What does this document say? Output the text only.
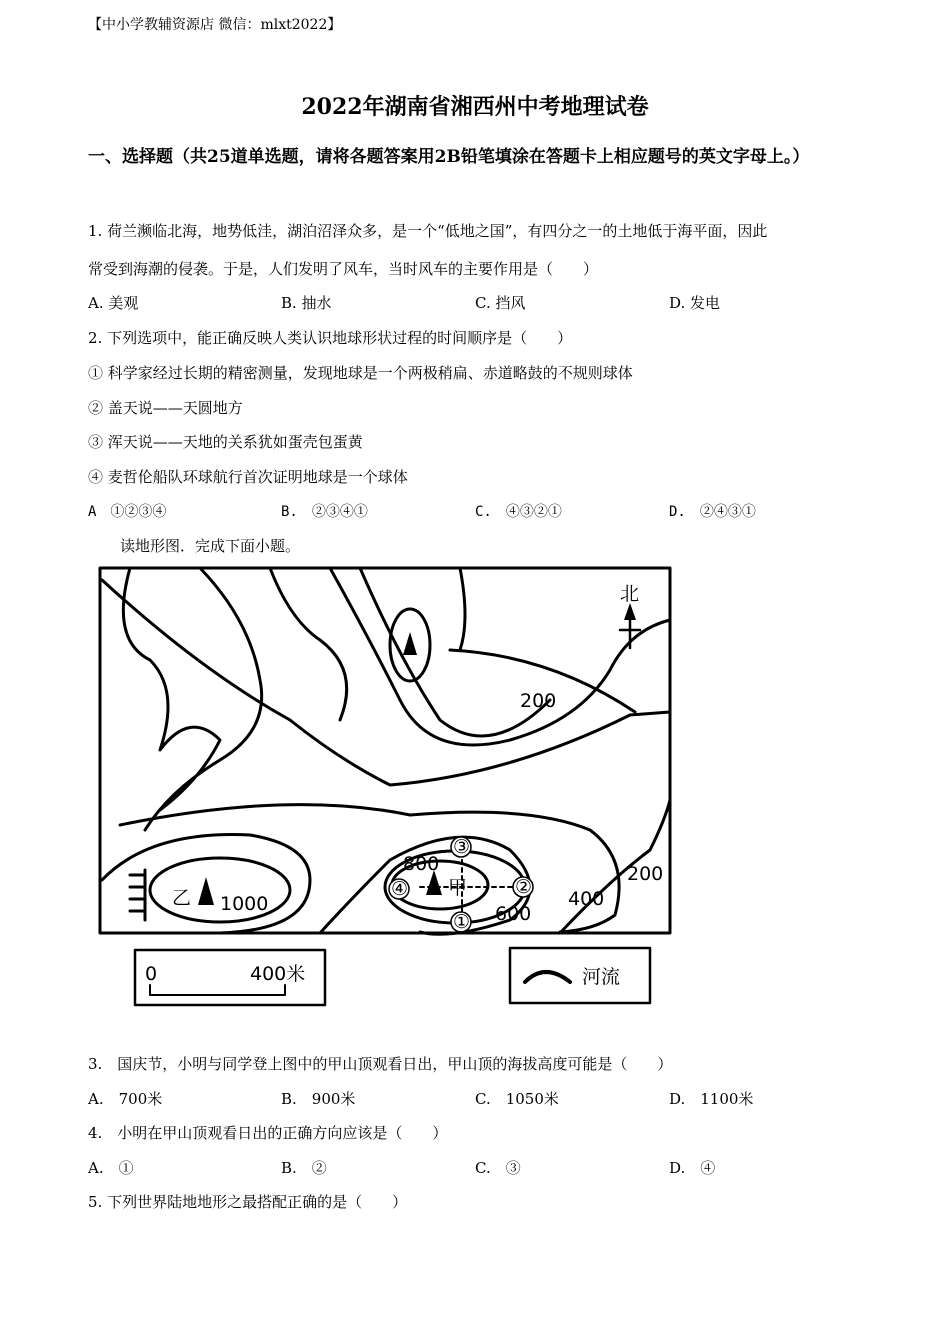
【中小学教辅资源店 微信：mlxt2022】
2022年湖南省湘西州中考地理试卷
一、选择题（共25道单选题，请将各题答案用2B铅笔填涂在答题卡上相应题号的英文字母上。）
1. 荷兰濒临北海，地势低洼，湖泊沼泽众多，是一个“低地之国”，有四分之一的土地低于海平面，因此
常受到海潮的侵袭。于是，人们发明了风车，当时风车的主要作用是（　　）
A. 美观	B. 抽水	C. 挡风	D. 发电
2. 下列选项中，能正确反映人类认识地球形状过程的时间顺序是（　　）
① 科学家经过长期的精密测量，发现地球是一个两极稍扁、赤道略鼓的不规则球体
② 盖天说——天圆地方
③ 浑天说——天地的关系犹如蛋壳包蛋黄
④ 麦哲伦船队环球航行首次证明地球是一个球体
A　①②③④	B.　②③④①	C.　④③②①	D.　②④③①
读地形图．完成下面小题。
北
200
200
400
600
800
1000
乙	甲
③
②
①
④
0	400米	河流
3.　国庆节，小明与同学登上图中的甲山顶观看日出，甲山顶的海拔高度可能是（　　）
A.　700米	B.　900米	C.　1050米	D.　1100米
4.　小明在甲山顶观看日出的正确方向应该是（　　）
A.　①	B.　②	C.　③	D.　④
5. 下列世界陆地地形之最搭配正确的是（　　）
